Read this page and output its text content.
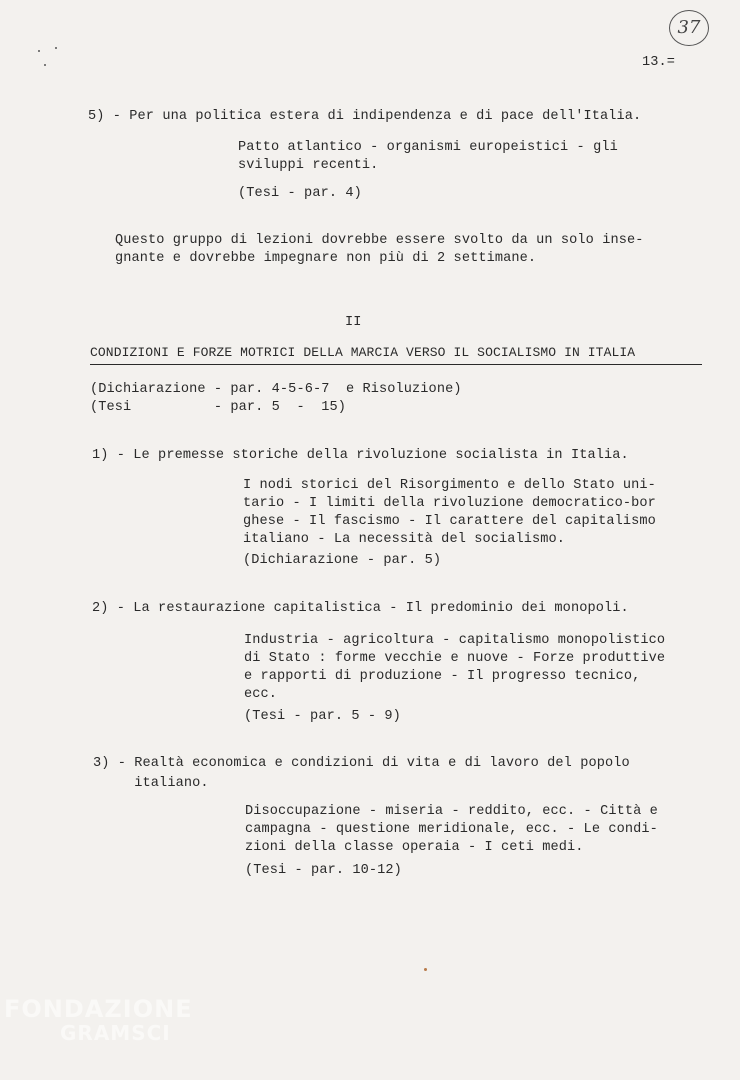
37
13.=
5) - Per una politica estera di indipendenza e di pace dell'Italia.
Patto atlantico - organismi europeistici - gli
sviluppi recenti.
(Tesi - par. 4)
Questo gruppo di lezioni dovrebbe essere svolto da un solo inse-
gnante e dovrebbe impegnare non più di 2 settimane.
II
CONDIZIONI E FORZE MOTRICI DELLA MARCIA VERSO IL SOCIALISMO IN ITALIA
(Dichiarazione - par. 4-5-6-7  e Risoluzione)
(Tesi          - par. 5  -  15)
1) - Le premesse storiche della rivoluzione socialista in Italia.
I nodi storici del Risorgimento e dello Stato uni-
tario - I limiti della rivoluzione democratico-bor
ghese - Il fascismo - Il carattere del capitalismo
italiano - La necessità del socialismo.
(Dichiarazione - par. 5)
2) - La restaurazione capitalistica - Il predominio dei monopoli.
Industria - agricoltura - capitalismo monopolistico
di Stato : forme vecchie e nuove - Forze produttive
e rapporti di produzione - Il progresso tecnico,
ecc.
(Tesi - par. 5 - 9)
3) - Realtà economica e condizioni di vita e di lavoro del popolo
italiano.
Disoccupazione - miseria - reddito, ecc. - Città e
campagna - questione meridionale, ecc. - Le condi-
zioni della classe operaia - I ceti medi.
(Tesi - par. 10-12)
FONDAZIONE
GRAMSCI
